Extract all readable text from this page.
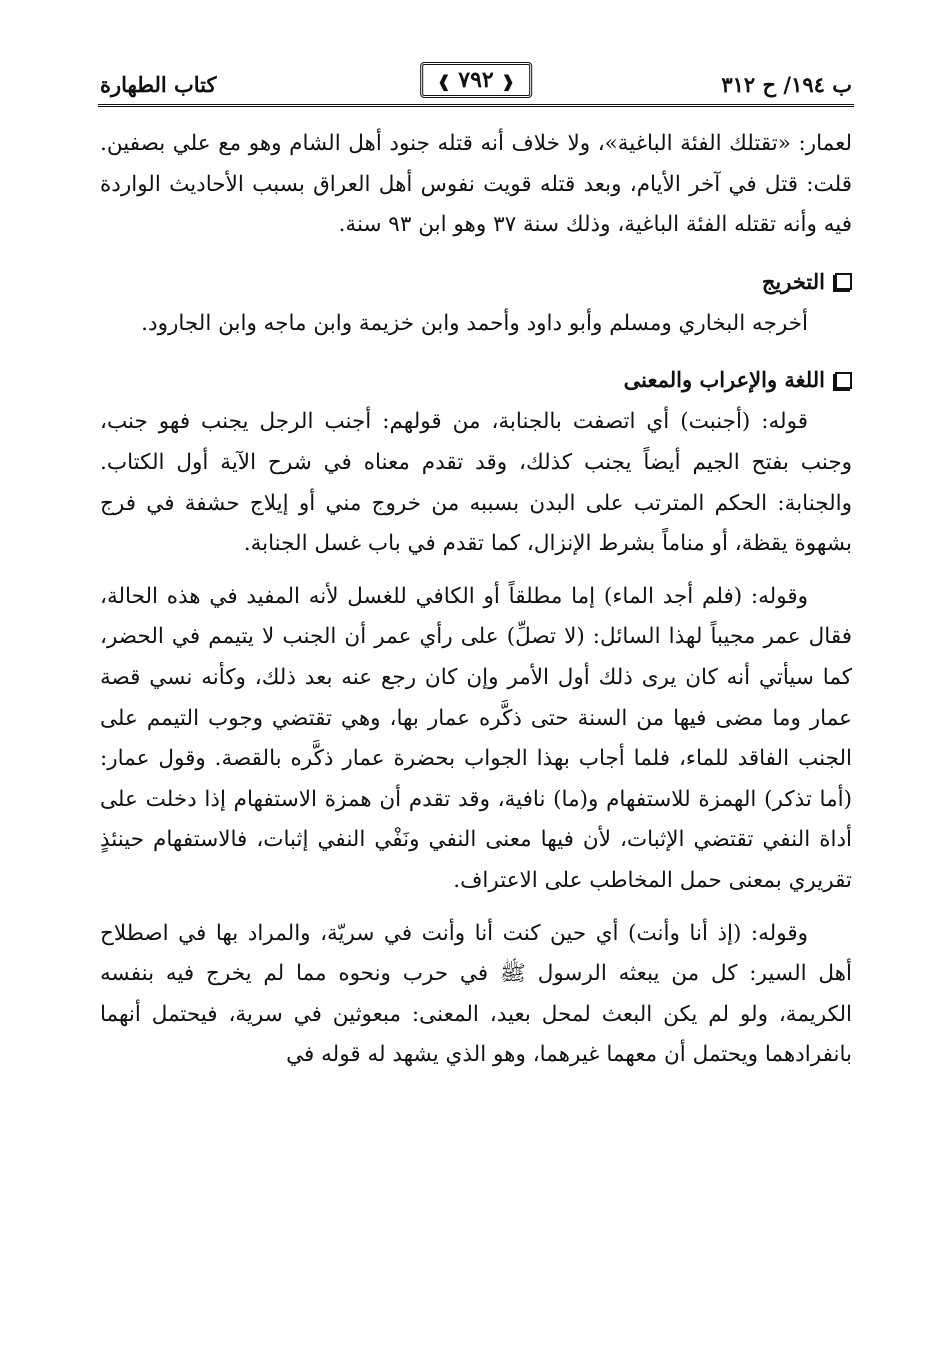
ب ١٩٤/ ح ٣١٢
❰ ٧٩٢ ❱
كتاب الطهارة

لعمار: «تقتلك الفئة الباغية»، ولا خلاف أنه قتله جنود أهل الشام وهو مع علي بصفين. قلت: قتل في آخر الأيام، وبعد قتله قويت نفوس أهل العراق بسبب الأحاديث الواردة فيه وأنه تقتله الفئة الباغية، وذلك سنة ٣٧ وهو ابن ٩٣ سنة.

التخريج

أخرجه البخاري ومسلم وأبو داود وأحمد وابن خزيمة وابن ماجه وابن الجارود.

اللغة والإعراب والمعنى

قوله: (أجنبت) أي اتصفت بالجنابة، من قولهم: أجنب الرجل يجنب فهو جنب، وجنب بفتح الجيم أيضاً يجنب كذلك، وقد تقدم معناه في شرح الآية أول الكتاب. والجنابة: الحكم المترتب على البدن بسببه من خروج مني أو إيلاج حشفة في فرج بشهوة يقظة، أو مناماً بشرط الإنزال، كما تقدم في باب غسل الجنابة.

وقوله: (فلم أجد الماء) إما مطلقاً أو الكافي للغسل لأنه المفيد في هذه الحالة، فقال عمر مجيباً لهذا السائل: (لا تصلِّ) على رأي عمر أن الجنب لا يتيمم في الحضر، كما سيأتي أنه كان يرى ذلك أول الأمر وإن كان رجع عنه بعد ذلك، وكأنه نسي قصة عمار وما مضى فيها من السنة حتى ذكَّره عمار بها، وهي تقتضي وجوب التيمم على الجنب الفاقد للماء، فلما أجاب بهذا الجواب بحضرة عمار ذكَّره بالقصة. وقول عمار: (أما تذكر) الهمزة للاستفهام و(ما) نافية، وقد تقدم أن همزة الاستفهام إذا دخلت على أداة النفي تقتضي الإثبات، لأن فيها معنى النفي ونَفْي النفي إثبات، فالاستفهام حينئذٍ تقريري بمعنى حمل المخاطب على الاعتراف.

وقوله: (إذ أنا وأنت) أي حين كنت أنا وأنت في سريّة، والمراد بها في اصطلاح أهل السير: كل من يبعثه الرسول ﷺ في حرب ونحوه مما لم يخرج فيه بنفسه الكريمة، ولو لم يكن البعث لمحل بعيد، المعنى: مبعوثين في سرية، فيحتمل أنهما بانفرادهما ويحتمل أن معهما غيرهما، وهو الذي يشهد له قوله في
